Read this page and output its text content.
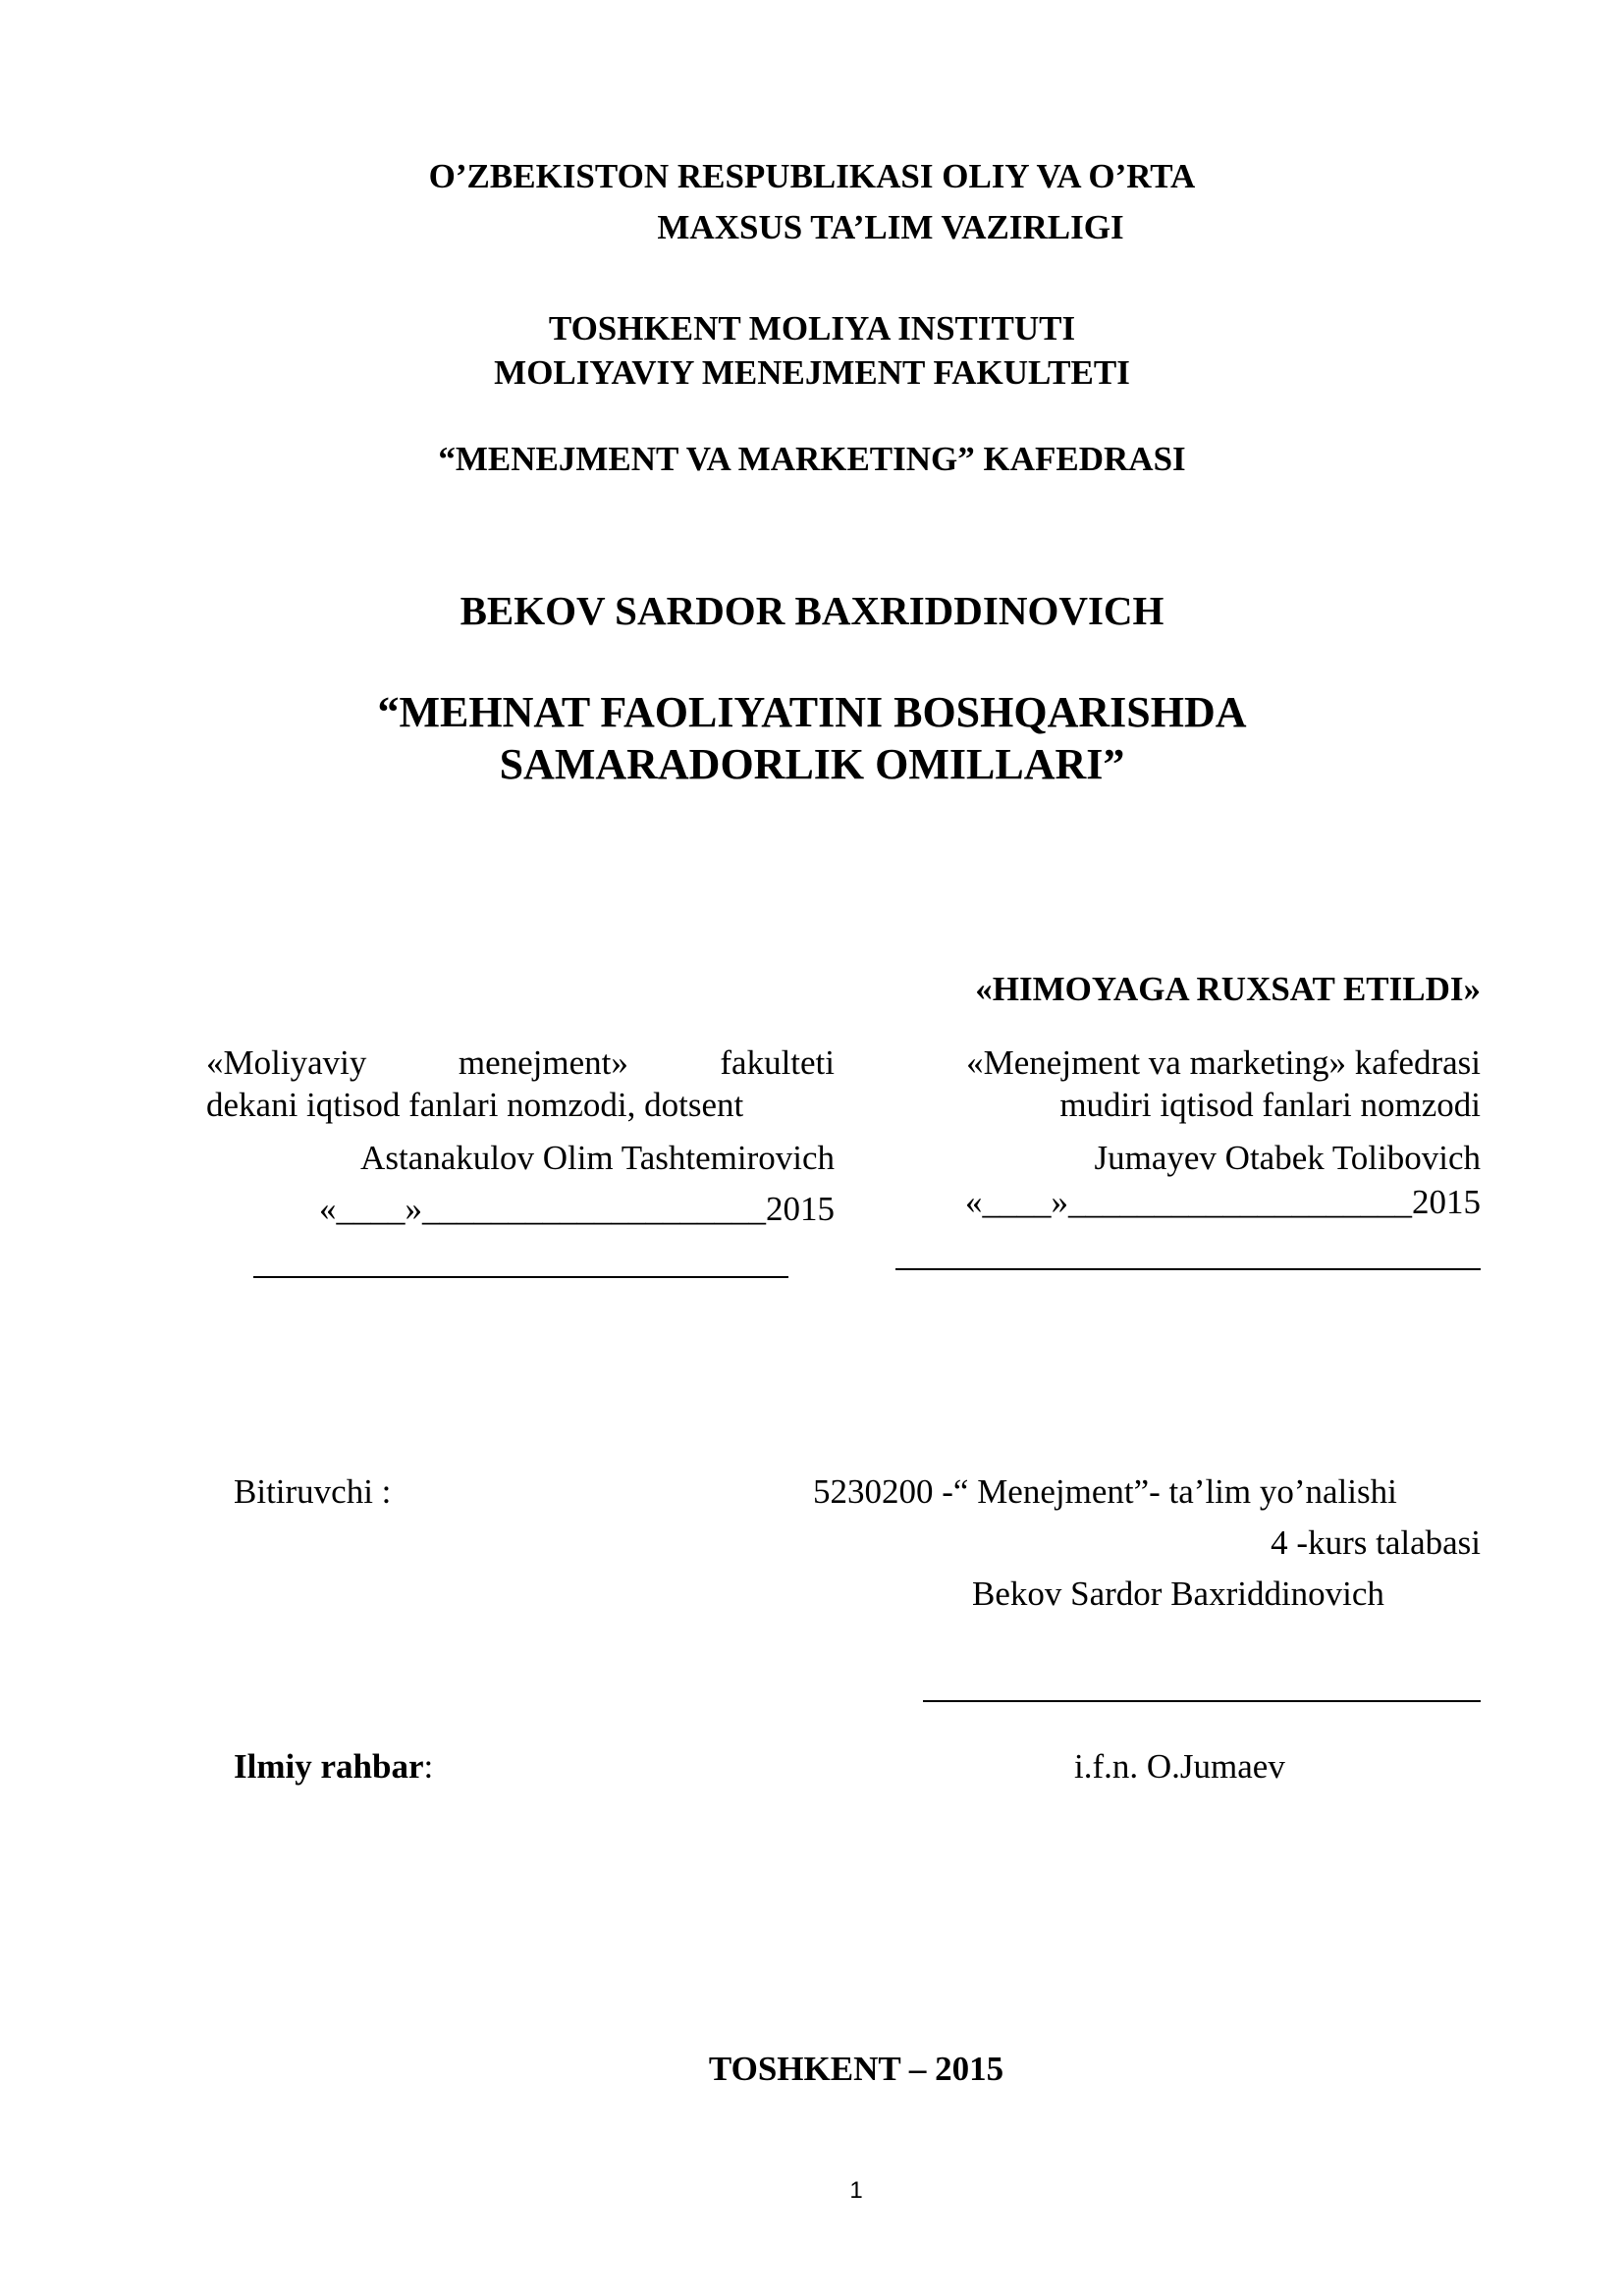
O’ZBEKISTON RESPUBLIKASI OLIY VA O’RTA
MAXSUS TA’LIM VAZIRLIGI
TOSHKENT MOLIYA INSTITUTI
MOLIYAVIY MENEJMENT FAKULTETI
“MENEJMENT VA MARKETING” KAFEDRASI
BEKOV SARDOR BAXRIDDINOVICH
“MEHNAT FAOLIYATINI BOSHQARISHDA
SAMARADORLIK OMILLARI”
«HIMOYAGA RUXSAT ETILDI»
«Moliyaviy	menejment»	fakulteti
dekani iqtisod fanlari nomzodi, dotsent
Astanakulov Olim Tashtemirovich
«____»____________________2015
«Menejment va marketing» kafedrasi
mudiri iqtisod fanlari nomzodi
Jumayev Otabek Tolibovich
«____»____________________2015
Bitiruvchi :	5230200 -“ Menejment”- ta’lim yo’nalishi
4 -kurs talabasi
Bekov Sardor Baxriddinovich
Ilmiy rahbar:	i.f.n. O.Jumaev
TOSHKENT – 2015
1
